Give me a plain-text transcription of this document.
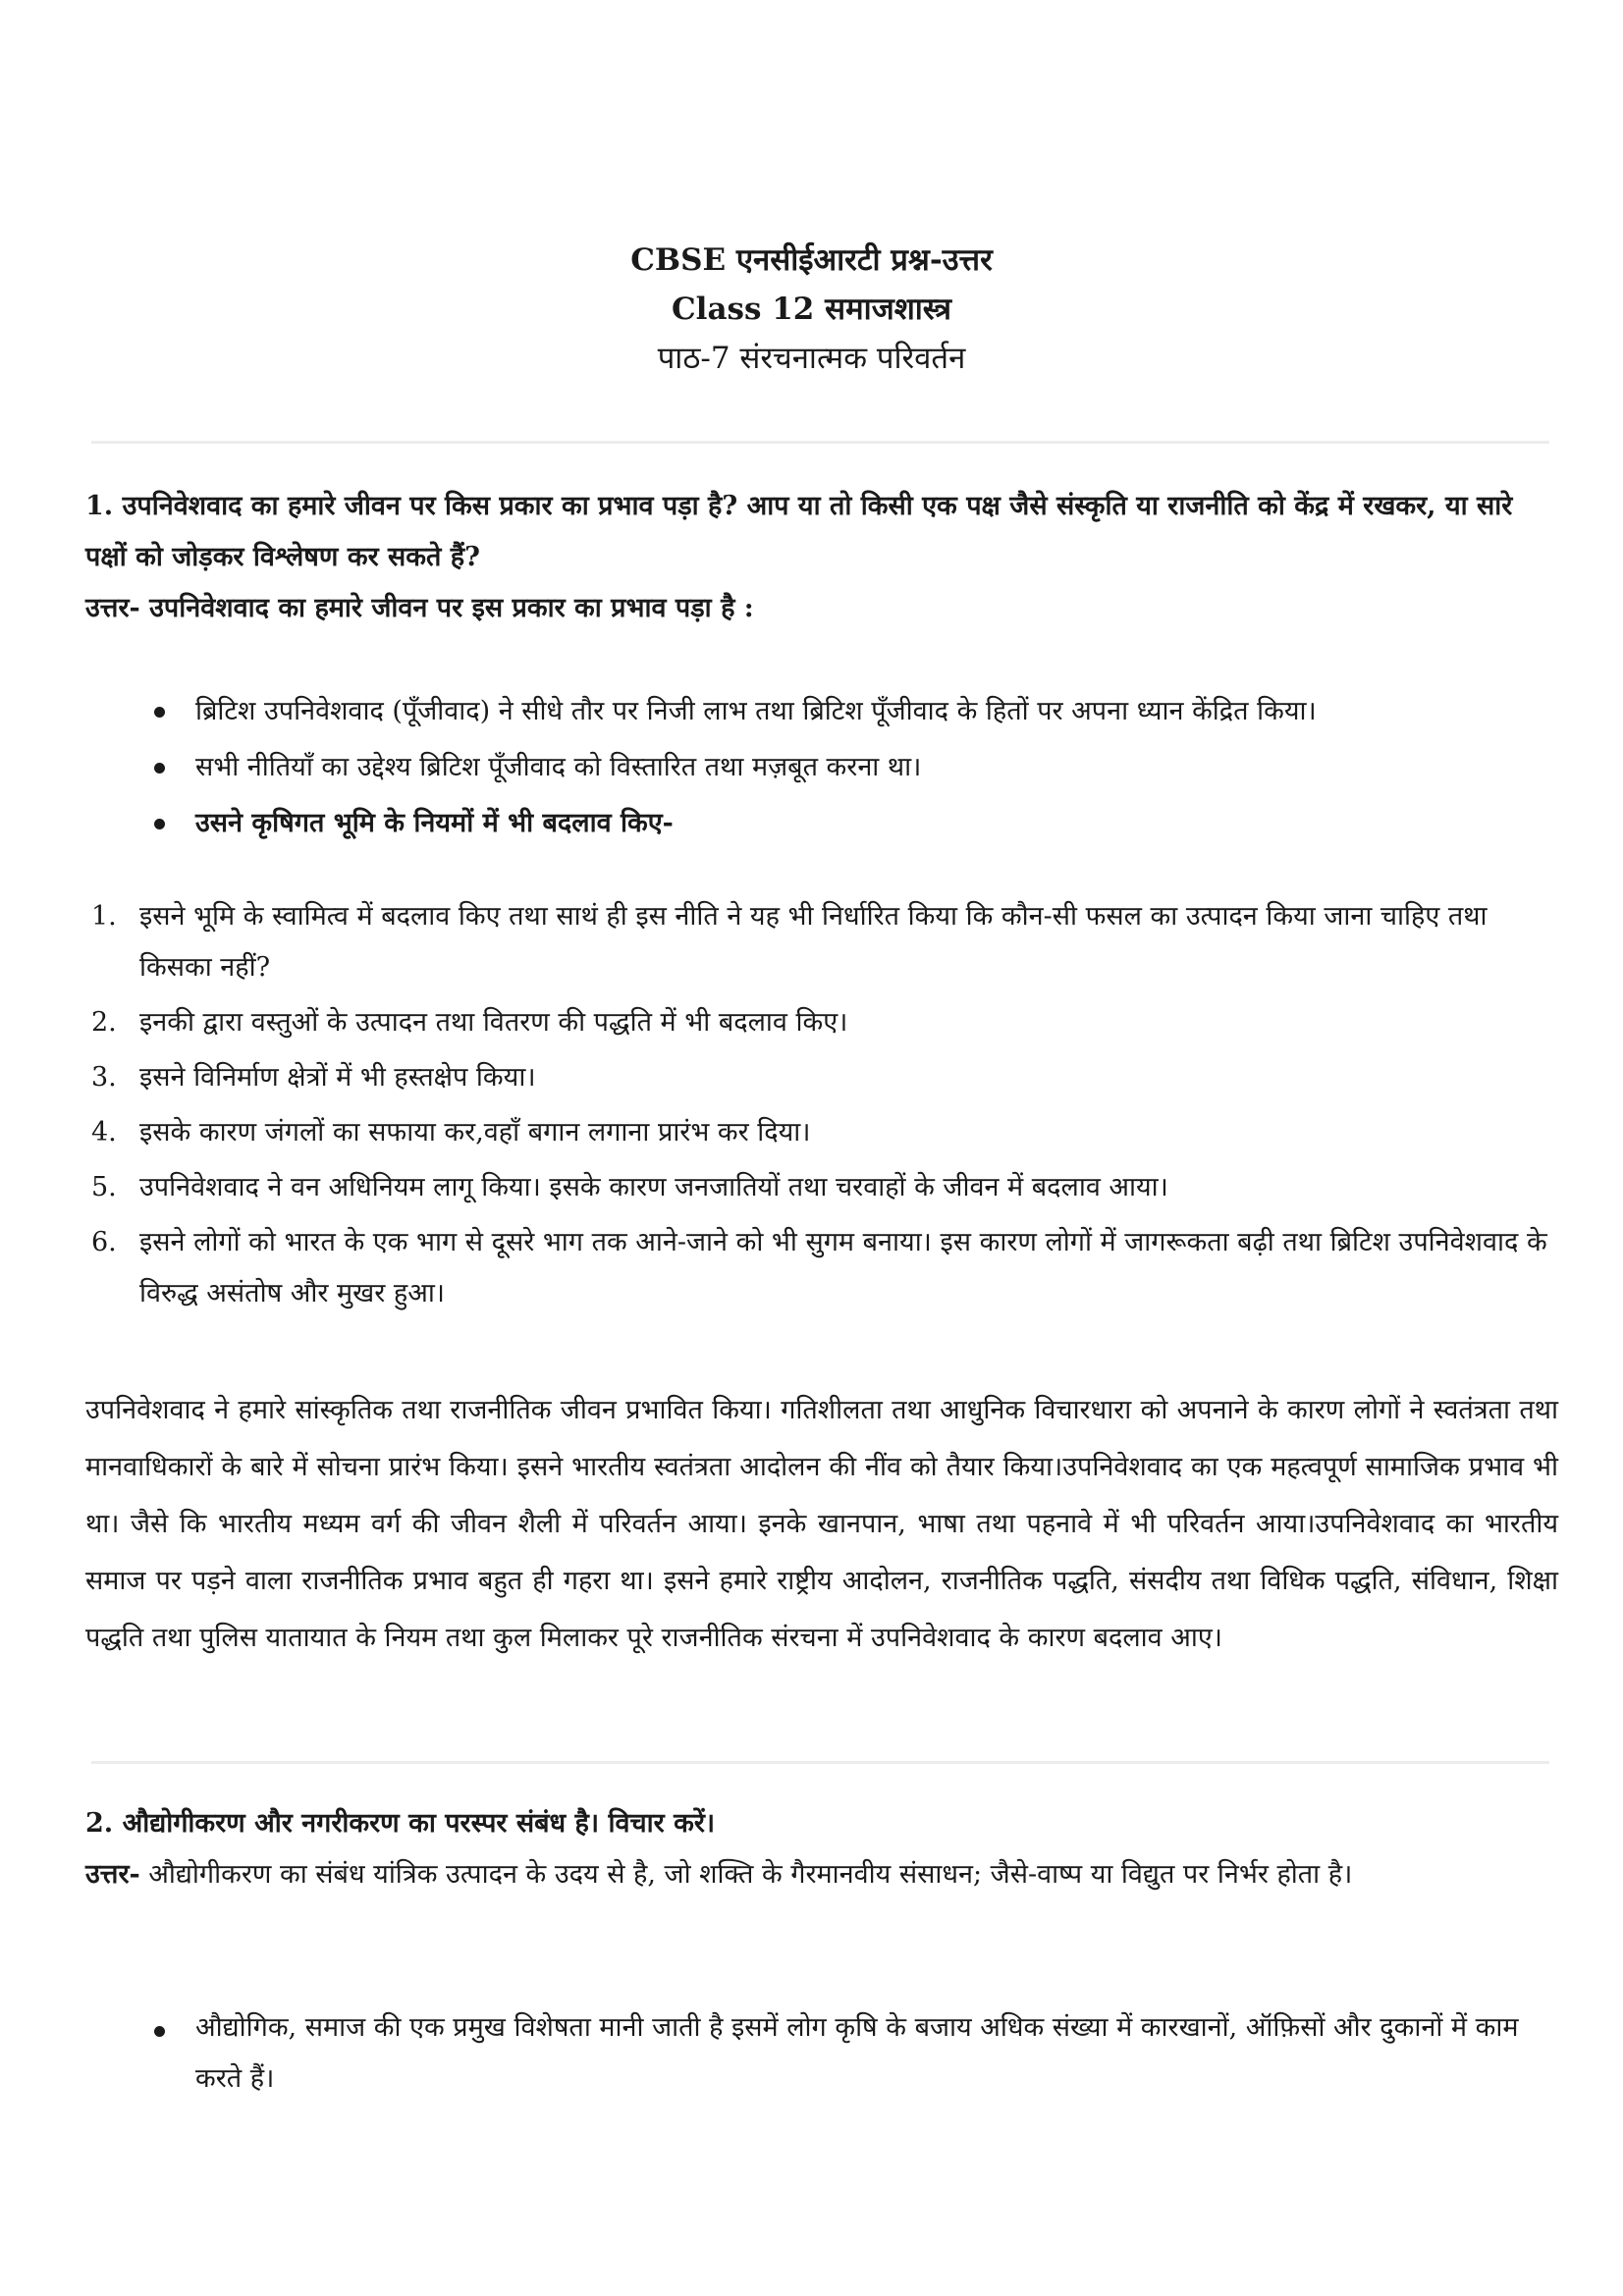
CBSE एनसीईआरटी प्रश्न-उत्तर
Class 12 समाजशास्त्र
पाठ-7 संरचनात्मक परिवर्तन
1. उपनिवेशवाद का हमारे जीवन पर किस प्रकार का प्रभाव पड़ा है? आप या तो किसी एक पक्ष जैसे संस्कृति या राजनीति को केंद्र में रखकर, या सारे पक्षों को जोड़कर विश्लेषण कर सकते हैं?
उत्तर- उपनिवेशवाद का हमारे जीवन पर इस प्रकार का प्रभाव पड़ा है :
ब्रिटिश उपनिवेशवाद (पूँजीवाद) ने सीधे तौर पर निजी लाभ तथा ब्रिटिश पूँजीवाद के हितों पर अपना ध्यान केंद्रित किया।
सभी नीतियाँ का उद्देश्य ब्रिटिश पूँजीवाद को विस्तारित तथा मज़बूत करना था।
उसने कृषिगत भूमि के नियमों में भी बदलाव किए-
1. इसने भूमि के स्वामित्व में बदलाव किए तथा साथं ही इस नीति ने यह भी निर्धारित किया कि कौन-सी फसल का उत्पादन किया जाना चाहिए तथा किसका नहीं?
2. इनकी द्वारा वस्तुओं के उत्पादन तथा वितरण की पद्धति में भी बदलाव किए।
3. इसने विनिर्माण क्षेत्रों में भी हस्तक्षेप किया।
4. इसके कारण जंगलों का सफाया कर,वहाँ बगान लगाना प्रारंभ कर दिया।
5. उपनिवेशवाद ने वन अधिनियम लागू किया। इसके कारण जनजातियों तथा चरवाहों के जीवन में बदलाव आया।
6. इसने लोगों को भारत के एक भाग से दूसरे भाग तक आने-जाने को भी सुगम बनाया। इस कारण लोगों में जागरूकता बढ़ी तथा ब्रिटिश उपनिवेशवाद के विरुद्ध असंतोष और मुखर हुआ।
उपनिवेशवाद ने हमारे सांस्कृतिक तथा राजनीतिक जीवन प्रभावित किया। गतिशीलता तथा आधुनिक विचारधारा को अपनाने के कारण लोगों ने स्वतंत्रता तथा मानवाधिकारों के बारे में सोचना प्रारंभ किया। इसने भारतीय स्वतंत्रता आदोलन की नींव को तैयार किया।उपनिवेशवाद का एक महत्वपूर्ण सामाजिक प्रभाव भी था। जैसे कि भारतीय मध्यम वर्ग की जीवन शैली में परिवर्तन आया। इनके खानपान, भाषा तथा पहनावे में भी परिवर्तन आया।उपनिवेशवाद का भारतीय समाज पर पड़ने वाला राजनीतिक प्रभाव बहुत ही गहरा था। इसने हमारे राष्ट्रीय आदोलन, राजनीतिक पद्धति, संसदीय तथा विधिक पद्धति, संविधान, शिक्षा पद्धति तथा पुलिस यातायात के नियम तथा कुल मिलाकर पूरे राजनीतिक संरचना में उपनिवेशवाद के कारण बदलाव आए।
2. औद्योगीकरण और नगरीकरण का परस्पर संबंध है। विचार करें।
उत्तर- औद्योगीकरण का संबंध यांत्रिक उत्पादन के उदय से है, जो शक्ति के गैरमानवीय संसाधन; जैसे-वाष्प या विद्युत पर निर्भर होता है।
औद्योगिक, समाज की एक प्रमुख विशेषता मानी जाती है इसमें लोग कृषि के बजाय अधिक संख्या में कारखानों, ऑफ़िसों और दुकानों में काम करते हैं।
